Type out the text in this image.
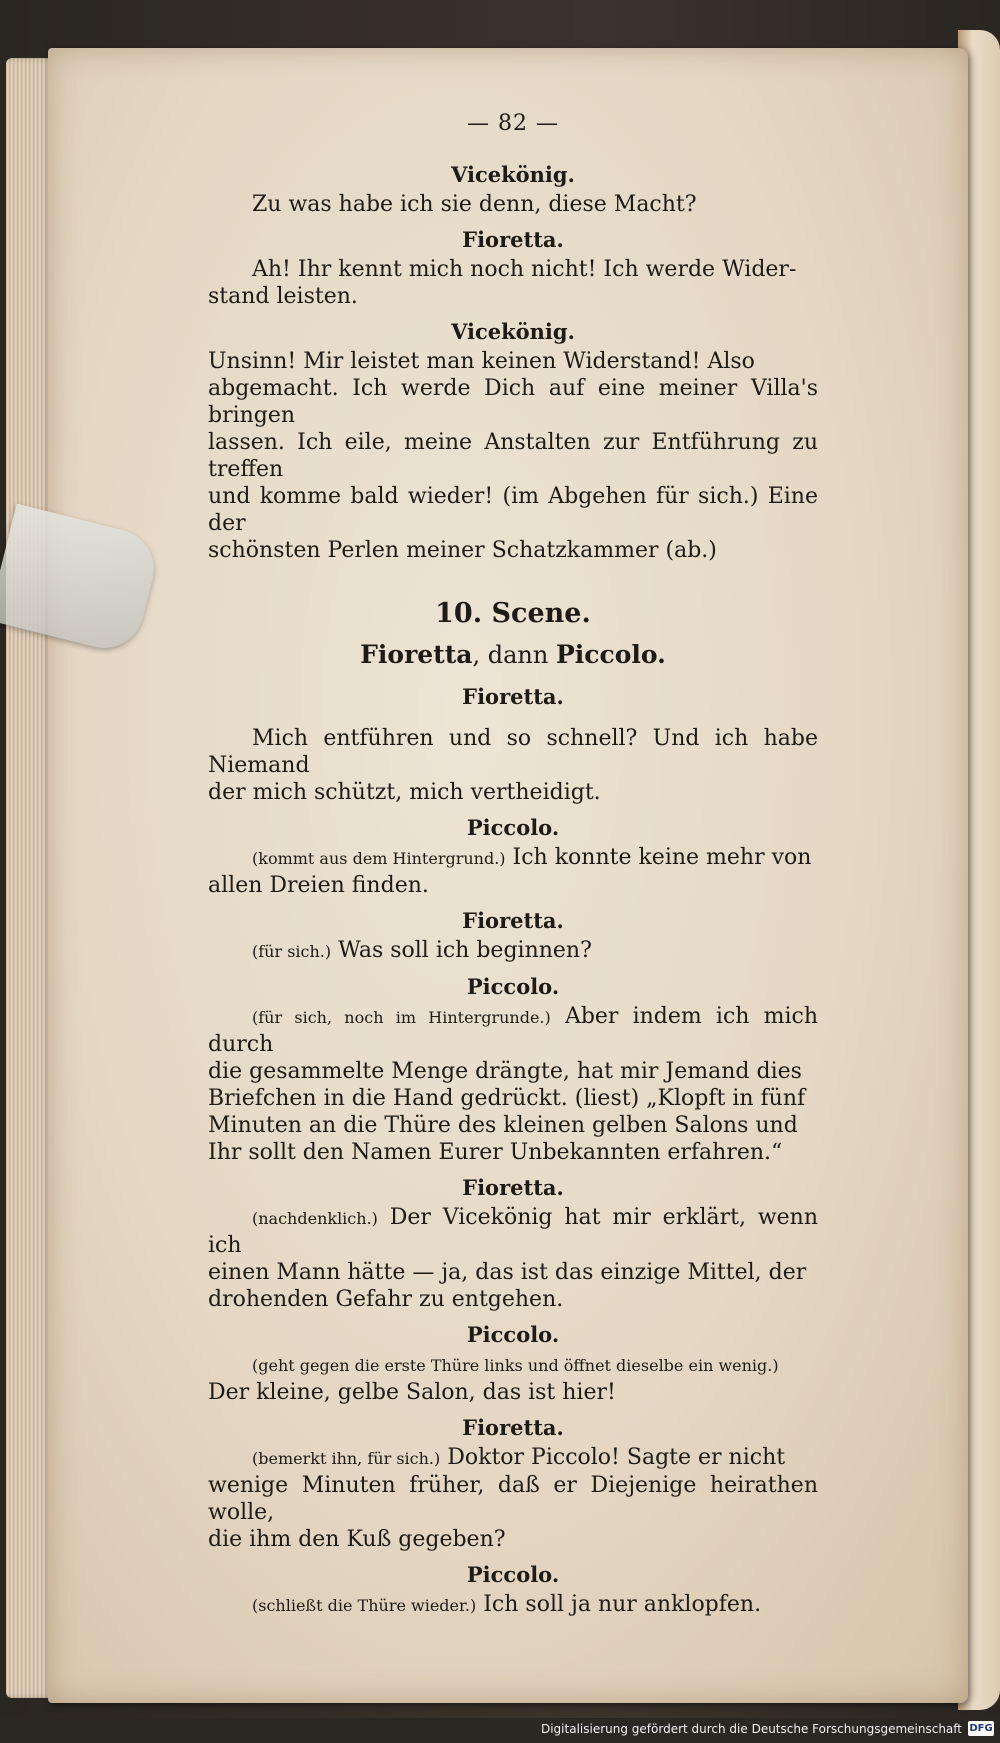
— 82 —
Vicekönig.
Zu was habe ich sie denn, diese Macht?
Fioretta.
Ah! Ihr kennt mich noch nicht! Ich werde Wider-
stand leisten.
Vicekönig.
Unsinn! Mir leistet man keinen Widerstand! Also
abgemacht. Ich werde Dich auf eine meiner Villa's bringen
lassen. Ich eile, meine Anstalten zur Entführung zu treffen
und komme bald wieder! (im Abgehen für sich.) Eine der
schönsten Perlen meiner Schatzkammer (ab.)
10. Scene.
Fioretta, dann Piccolo.
Fioretta.
Mich entführen und so schnell? Und ich habe Niemand
der mich schützt, mich vertheidigt.
Piccolo.
(kommt aus dem Hintergrund.) Ich konnte keine mehr von
allen Dreien finden.
Fioretta.
(für sich.) Was soll ich beginnen?
Piccolo.
(für sich, noch im Hintergrunde.) Aber indem ich mich durch
die gesammelte Menge drängte, hat mir Jemand dies
Briefchen in die Hand gedrückt. (liest) „Klopft in fünf
Minuten an die Thüre des kleinen gelben Salons und
Ihr sollt den Namen Eurer Unbekannten erfahren.“
Fioretta.
(nachdenklich.) Der Vicekönig hat mir erklärt, wenn ich
einen Mann hätte — ja, das ist das einzige Mittel, der
drohenden Gefahr zu entgehen.
Piccolo.
(geht gegen die erste Thüre links und öffnet dieselbe ein wenig.)
Der kleine, gelbe Salon, das ist hier!
Fioretta.
(bemerkt ihn, für sich.) Doktor Piccolo! Sagte er nicht
wenige Minuten früher, daß er Diejenige heirathen wolle,
die ihm den Kuß gegeben?
Piccolo.
(schließt die Thüre wieder.) Ich soll ja nur anklopfen.
Digitalisierung gefördert durch die Deutsche Forschungsgemeinschaft DFG
